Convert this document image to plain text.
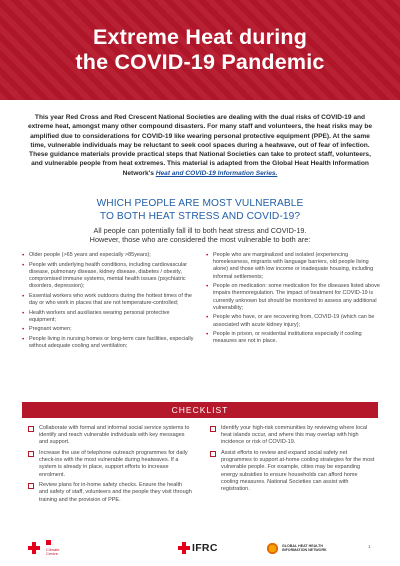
Extreme Heat during
the COVID-19 Pandemic

This year Red Cross and Red Crescent National Societies are dealing with the dual risks of COVID-19 and extreme heat, amongst many other compound disasters. For many staff and volunteers, the heat risks may be amplified due to considerations for COVID-19 like wearing personal protective equipment (PPE). At the same time, vulnerable individuals may be reluctant to seek cool spaces during a heatwave, out of fear of infection. These guidance materials provide practical steps that National Societies can take to protect staff, volunteers, and vulnerable people from heat extremes. This material is adapted from the Global Heat Health Information Network's Heat and COVID-19 Information Series.

WHICH PEOPLE ARE MOST VULNERABLE
TO BOTH HEAT STRESS AND COVID-19?

All people can potentially fall ill to both heat stress and COVID-19.
However, those who are considered the most vulnerable to both are:

• Older people (>65 years and especially >85years);
• People with underlying health conditions, including cardiovascular disease, pulmonary disease, kidney disease, diabetes / obesity, compromised immune systems, mental health issues (psychiatric disorders, depression);
• Essential workers who work outdoors during the hottest times of the day or who work in places that are not temperature-controlled;
• Health workers and auxiliaries wearing personal protective equipment;
• Pregnant women;
• People living in nursing homes or long-term care facilities, especially without adequate cooling and ventilation;
• People who are marginalized and isolated (experiencing homelessness, migrants with language barriers, old people living alone) and those with low income or inadequate housing, including informal settlements;
• People on medication: some medication for the diseases listed above impairs thermoregulation. The impact of treatment for COVID-19 is currently unknown but should be monitored to assess any additional vulnerability;
• People who have, or are recovering from, COVID-19 (which can be associated with acute kidney injury);
• People in prison, or residential institutions especially if cooling measures are not in place.
CHECKLIST
Collaborate with formal and informal social service systems to identify and reach vulnerable individuals with key messages and support.
Increase the use of telephone outreach programmes for daily check-ins with the most vulnerable during heatwaves. If a system is already in place, support efforts to increase enrolment.
Review plans for in-home safety checks. Ensure the health and safety of staff, volunteers and the people they visit through training and the provision of PPE.
Identify your high-risk communities by reviewing where local heat islands occur, and where this may overlap with high incidence or risk of COVID-19.
Assist efforts to review and expand social safety net programmes to support at-home cooling strategies for the most vulnerable people. For example, cities may be expanding energy subsidies to ensure households can afford home cooling measures. National Societies can assist with registration.

Climate
Centre	IFRC	GLOBAL HEAT HEALTH
INFORMATION NETWORK
1
